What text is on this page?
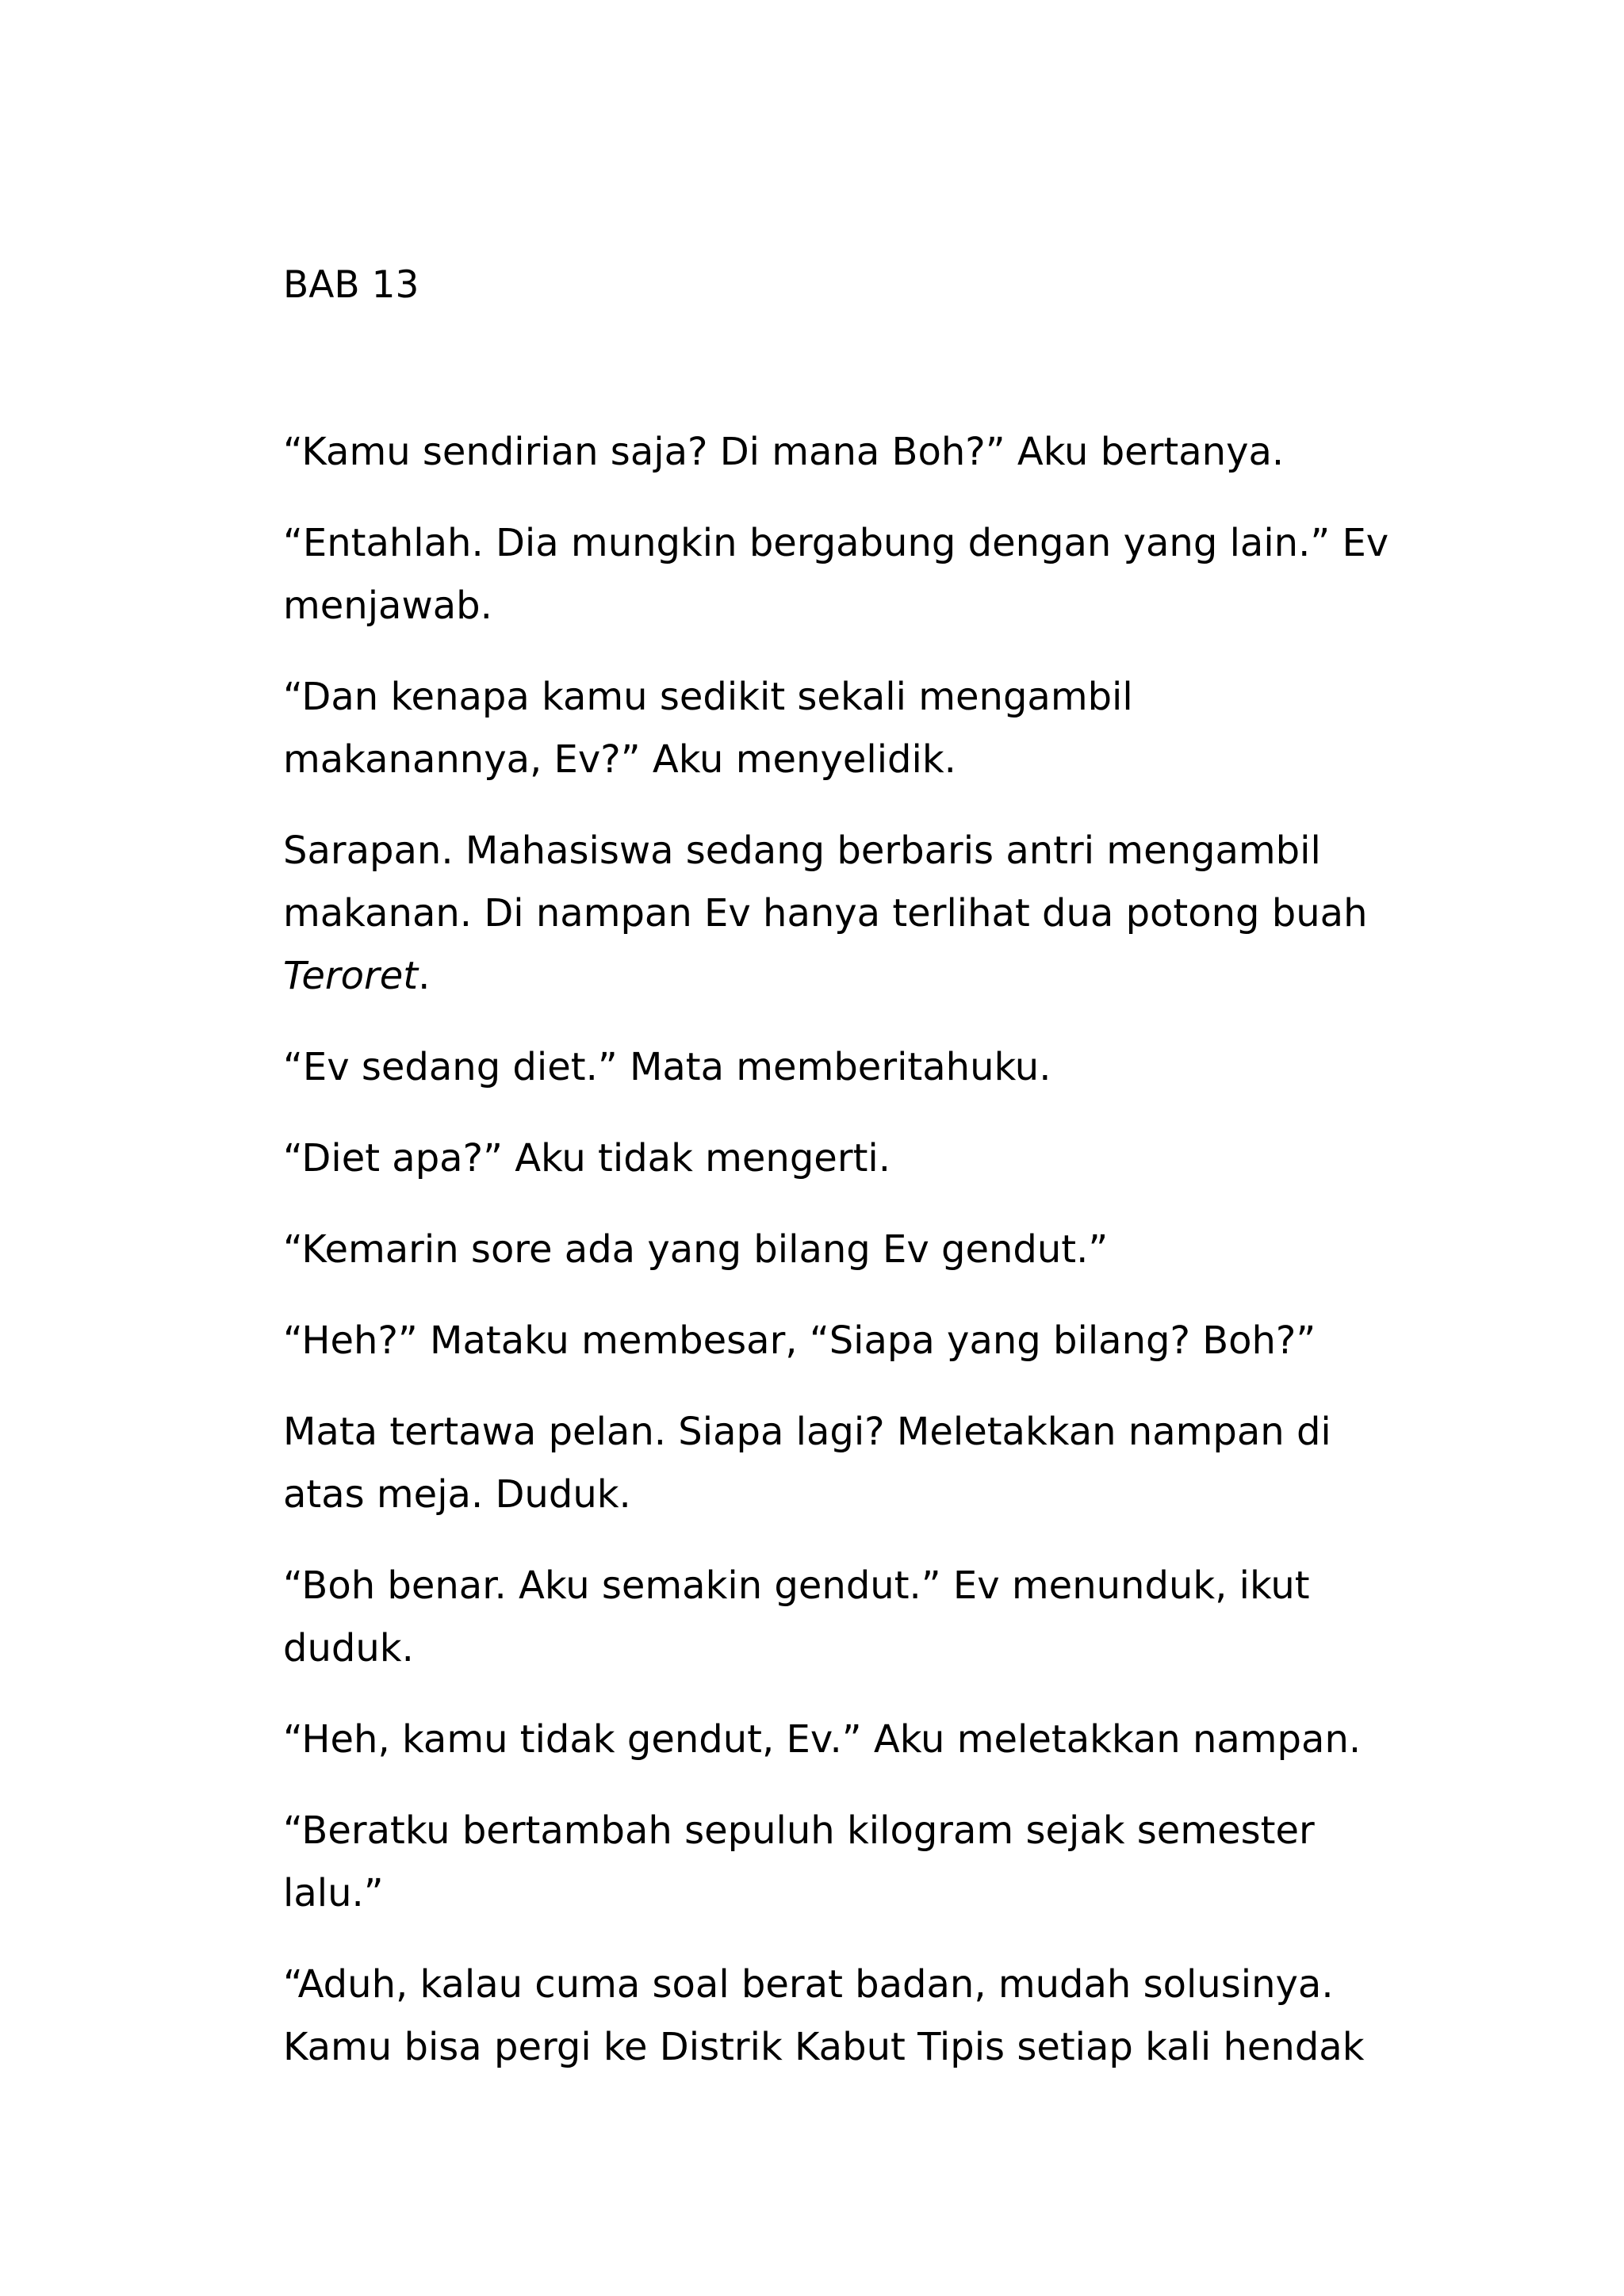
BAB 13

“Kamu sendirian saja? Di mana Boh?” Aku bertanya.

“Entahlah. Dia mungkin bergabung dengan yang lain.” Ev menjawab.

“Dan kenapa kamu sedikit sekali mengambil makanannya, Ev?” Aku menyelidik.

Sarapan. Mahasiswa sedang berbaris antri mengambil makanan. Di nampan Ev hanya terlihat dua potong buah Teroret.

“Ev sedang diet.” Mata memberitahuku.

“Diet apa?” Aku tidak mengerti.

“Kemarin sore ada yang bilang Ev gendut.”

“Heh?” Mataku membesar, “Siapa yang bilang? Boh?”

Mata tertawa pelan. Siapa lagi? Meletakkan nampan di atas meja. Duduk.

“Boh benar. Aku semakin gendut.” Ev menunduk, ikut duduk.

“Heh, kamu tidak gendut, Ev.” Aku meletakkan nampan.

“Beratku bertambah sepuluh kilogram sejak semester lalu.”

“Aduh, kalau cuma soal berat badan, mudah solusinya. Kamu bisa pergi ke Distrik Kabut Tipis setiap kali hendak
